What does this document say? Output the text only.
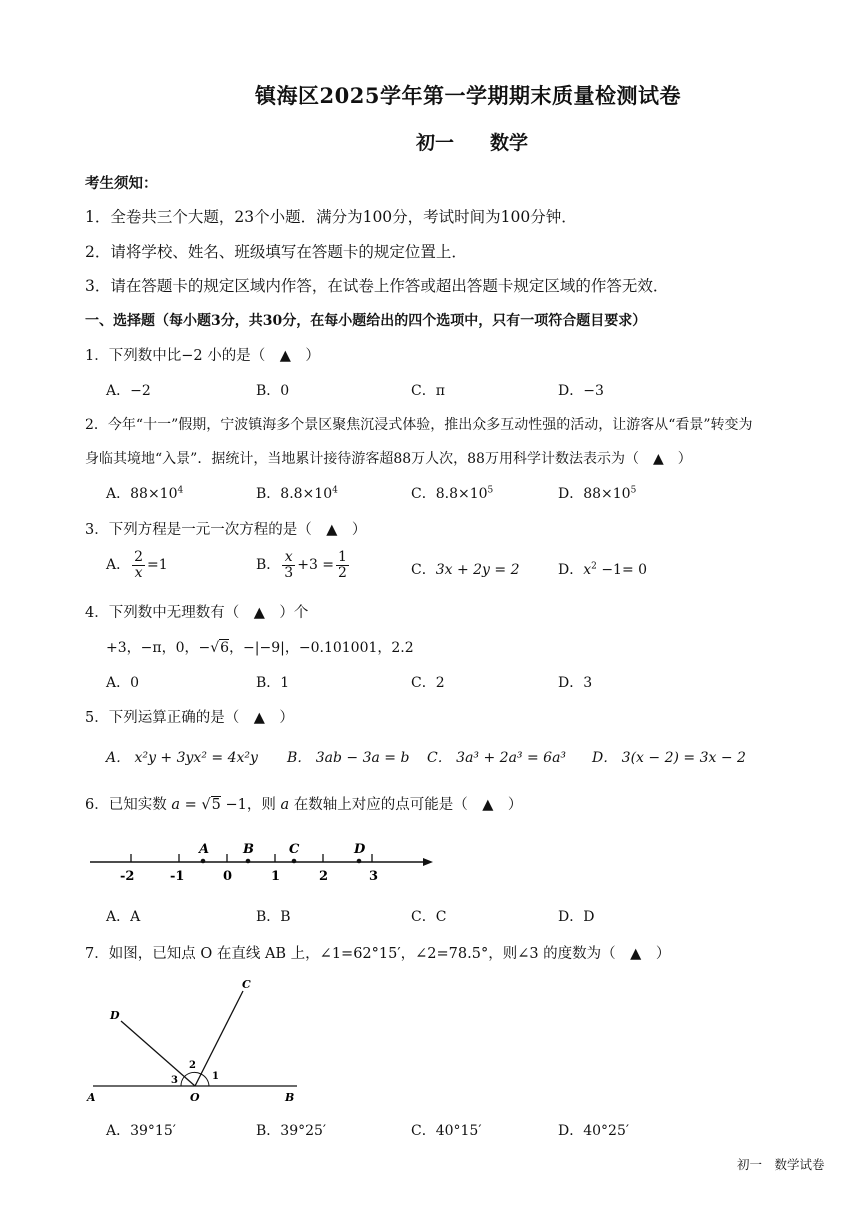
镇海区2025学年第一学期期末质量检测试卷
初一 数学
考生须知：
1．全卷共三个大题，23个小题．满分为100分，考试时间为100分钟．
2．请将学校、姓名、班级填写在答题卡的规定位置上．
3．请在答题卡的规定区域内作答，在试卷上作答或超出答题卡规定区域的作答无效．
一、选择题（每小题3分，共30分，在每小题给出的四个选项中，只有一项符合题目要求）
1．下列数中比−2 小的是（　▲　）
A．−2	B．0	C．π	D．−3
2．今年“十一”假期，宁波镇海多个景区聚焦沉浸式体验，推出众多互动性强的活动，让游客从“看景”转变为
身临其境地“入景”．据统计，当地累计接待游客超88万人次，88万用科学计数法表示为（　▲　）
A．$88\times 10^4$	B．$8.8\times 10^4$	C．$8.8\times 10^5$	D．$88\times 10^5$
3．下列方程是一元一次方程的是（　▲　）
A． $\frac{2}{x} =1$	B． $\frac{x}{3} +3 = \frac{1}{2}$	C．3x + 2y = 2	D．$x^2 -1= 0$
4．下列数中无理数有（　▲　）个
+3，−π，0，−√6，−|−9|，−0.101001，2.2
A．0	B．1	C．2	D．3
5．下列运算正确的是（　▲　）
A． x²y + 3yx² = 4x²y B． 3ab − 3a = b C． 3a³ + 2a³ = 6a³ D． 3(x − 2) = 3x − 2
6．已知实数 a = √5 −1，则 a 在数轴上对应的点可能是（　▲　）
A	B	C	D
-2	-1	0	1	2	3
A．A	B．B	C．C	D．D
7．如图，已知点 O 在直线 AB 上，∠1=62°15′，∠2=78.5°，则∠3 的度数为（　▲　）
A	B
C
D
O
1
2
3
A．39°15′	B．39°25′	C．40°15′	D．40°25′
初一　数学试卷
